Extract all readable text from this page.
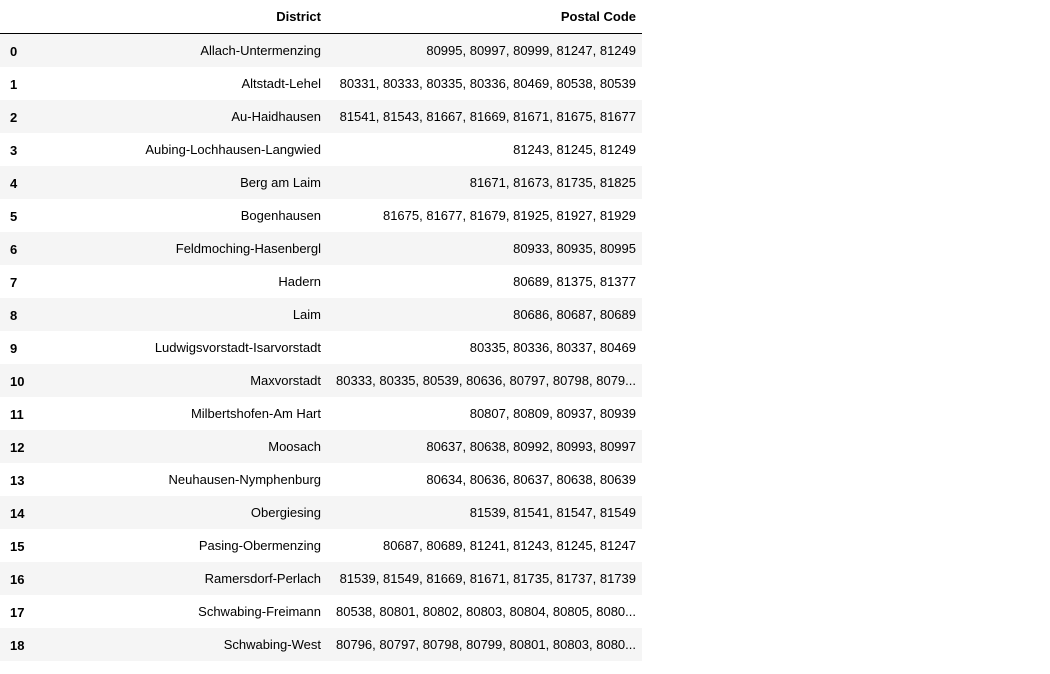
	District	Postal Code
0	Allach-Untermenzing	80995, 80997, 80999, 81247, 81249
1	Altstadt-Lehel	80331, 80333, 80335, 80336, 80469, 80538, 80539
2	Au-Haidhausen	81541, 81543, 81667, 81669, 81671, 81675, 81677
3	Aubing-Lochhausen-Langwied	81243, 81245, 81249
4	Berg am Laim	81671, 81673, 81735, 81825
5	Bogenhausen	81675, 81677, 81679, 81925, 81927, 81929
6	Feldmoching-Hasenbergl	80933, 80935, 80995
7	Hadern	80689, 81375, 81377
8	Laim	80686, 80687, 80689
9	Ludwigsvorstadt-Isarvorstadt	80335, 80336, 80337, 80469
10	Maxvorstadt	80333, 80335, 80539, 80636, 80797, 80798, 8079...
11	Milbertshofen-Am Hart	80807, 80809, 80937, 80939
12	Moosach	80637, 80638, 80992, 80993, 80997
13	Neuhausen-Nymphenburg	80634, 80636, 80637, 80638, 80639
14	Obergiesing	81539, 81541, 81547, 81549
15	Pasing-Obermenzing	80687, 80689, 81241, 81243, 81245, 81247
16	Ramersdorf-Perlach	81539, 81549, 81669, 81671, 81735, 81737, 81739
17	Schwabing-Freimann	80538, 80801, 80802, 80803, 80804, 80805, 8080...
18	Schwabing-West	80796, 80797, 80798, 80799, 80801, 80803, 8080...
